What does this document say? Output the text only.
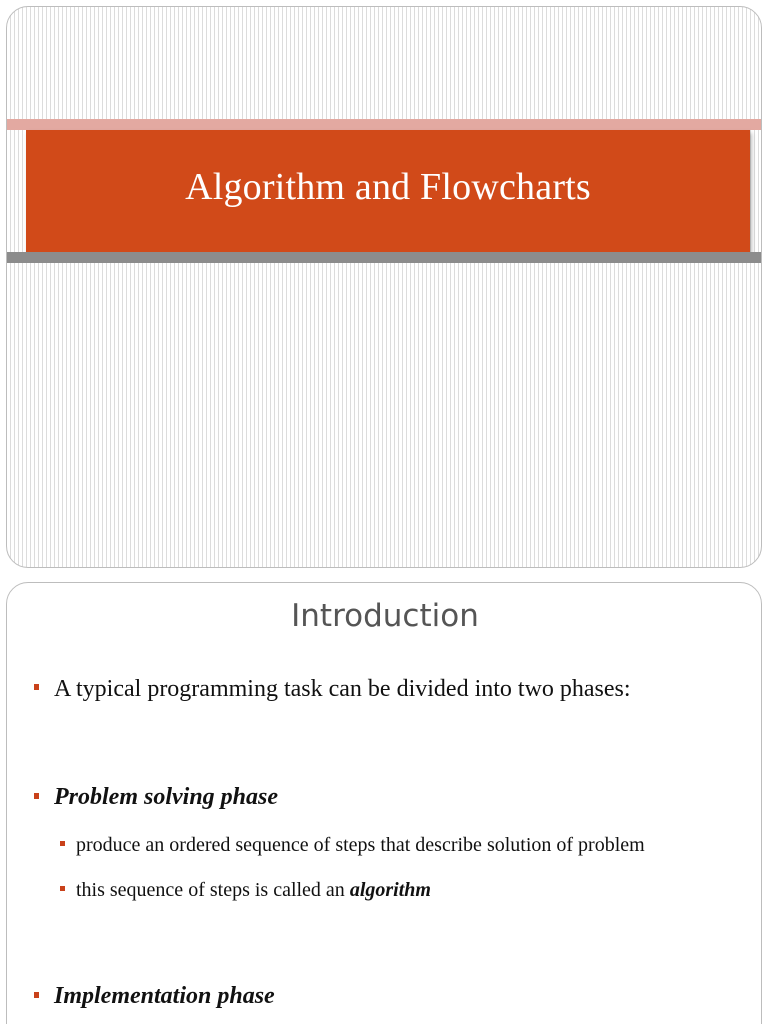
Algorithm and Flowcharts
Introduction
A typical programming task can be divided into two phases:
Problem solving phase
produce an ordered sequence of steps that describe solution of problem
this sequence of steps is called an algorithm
Implementation phase
